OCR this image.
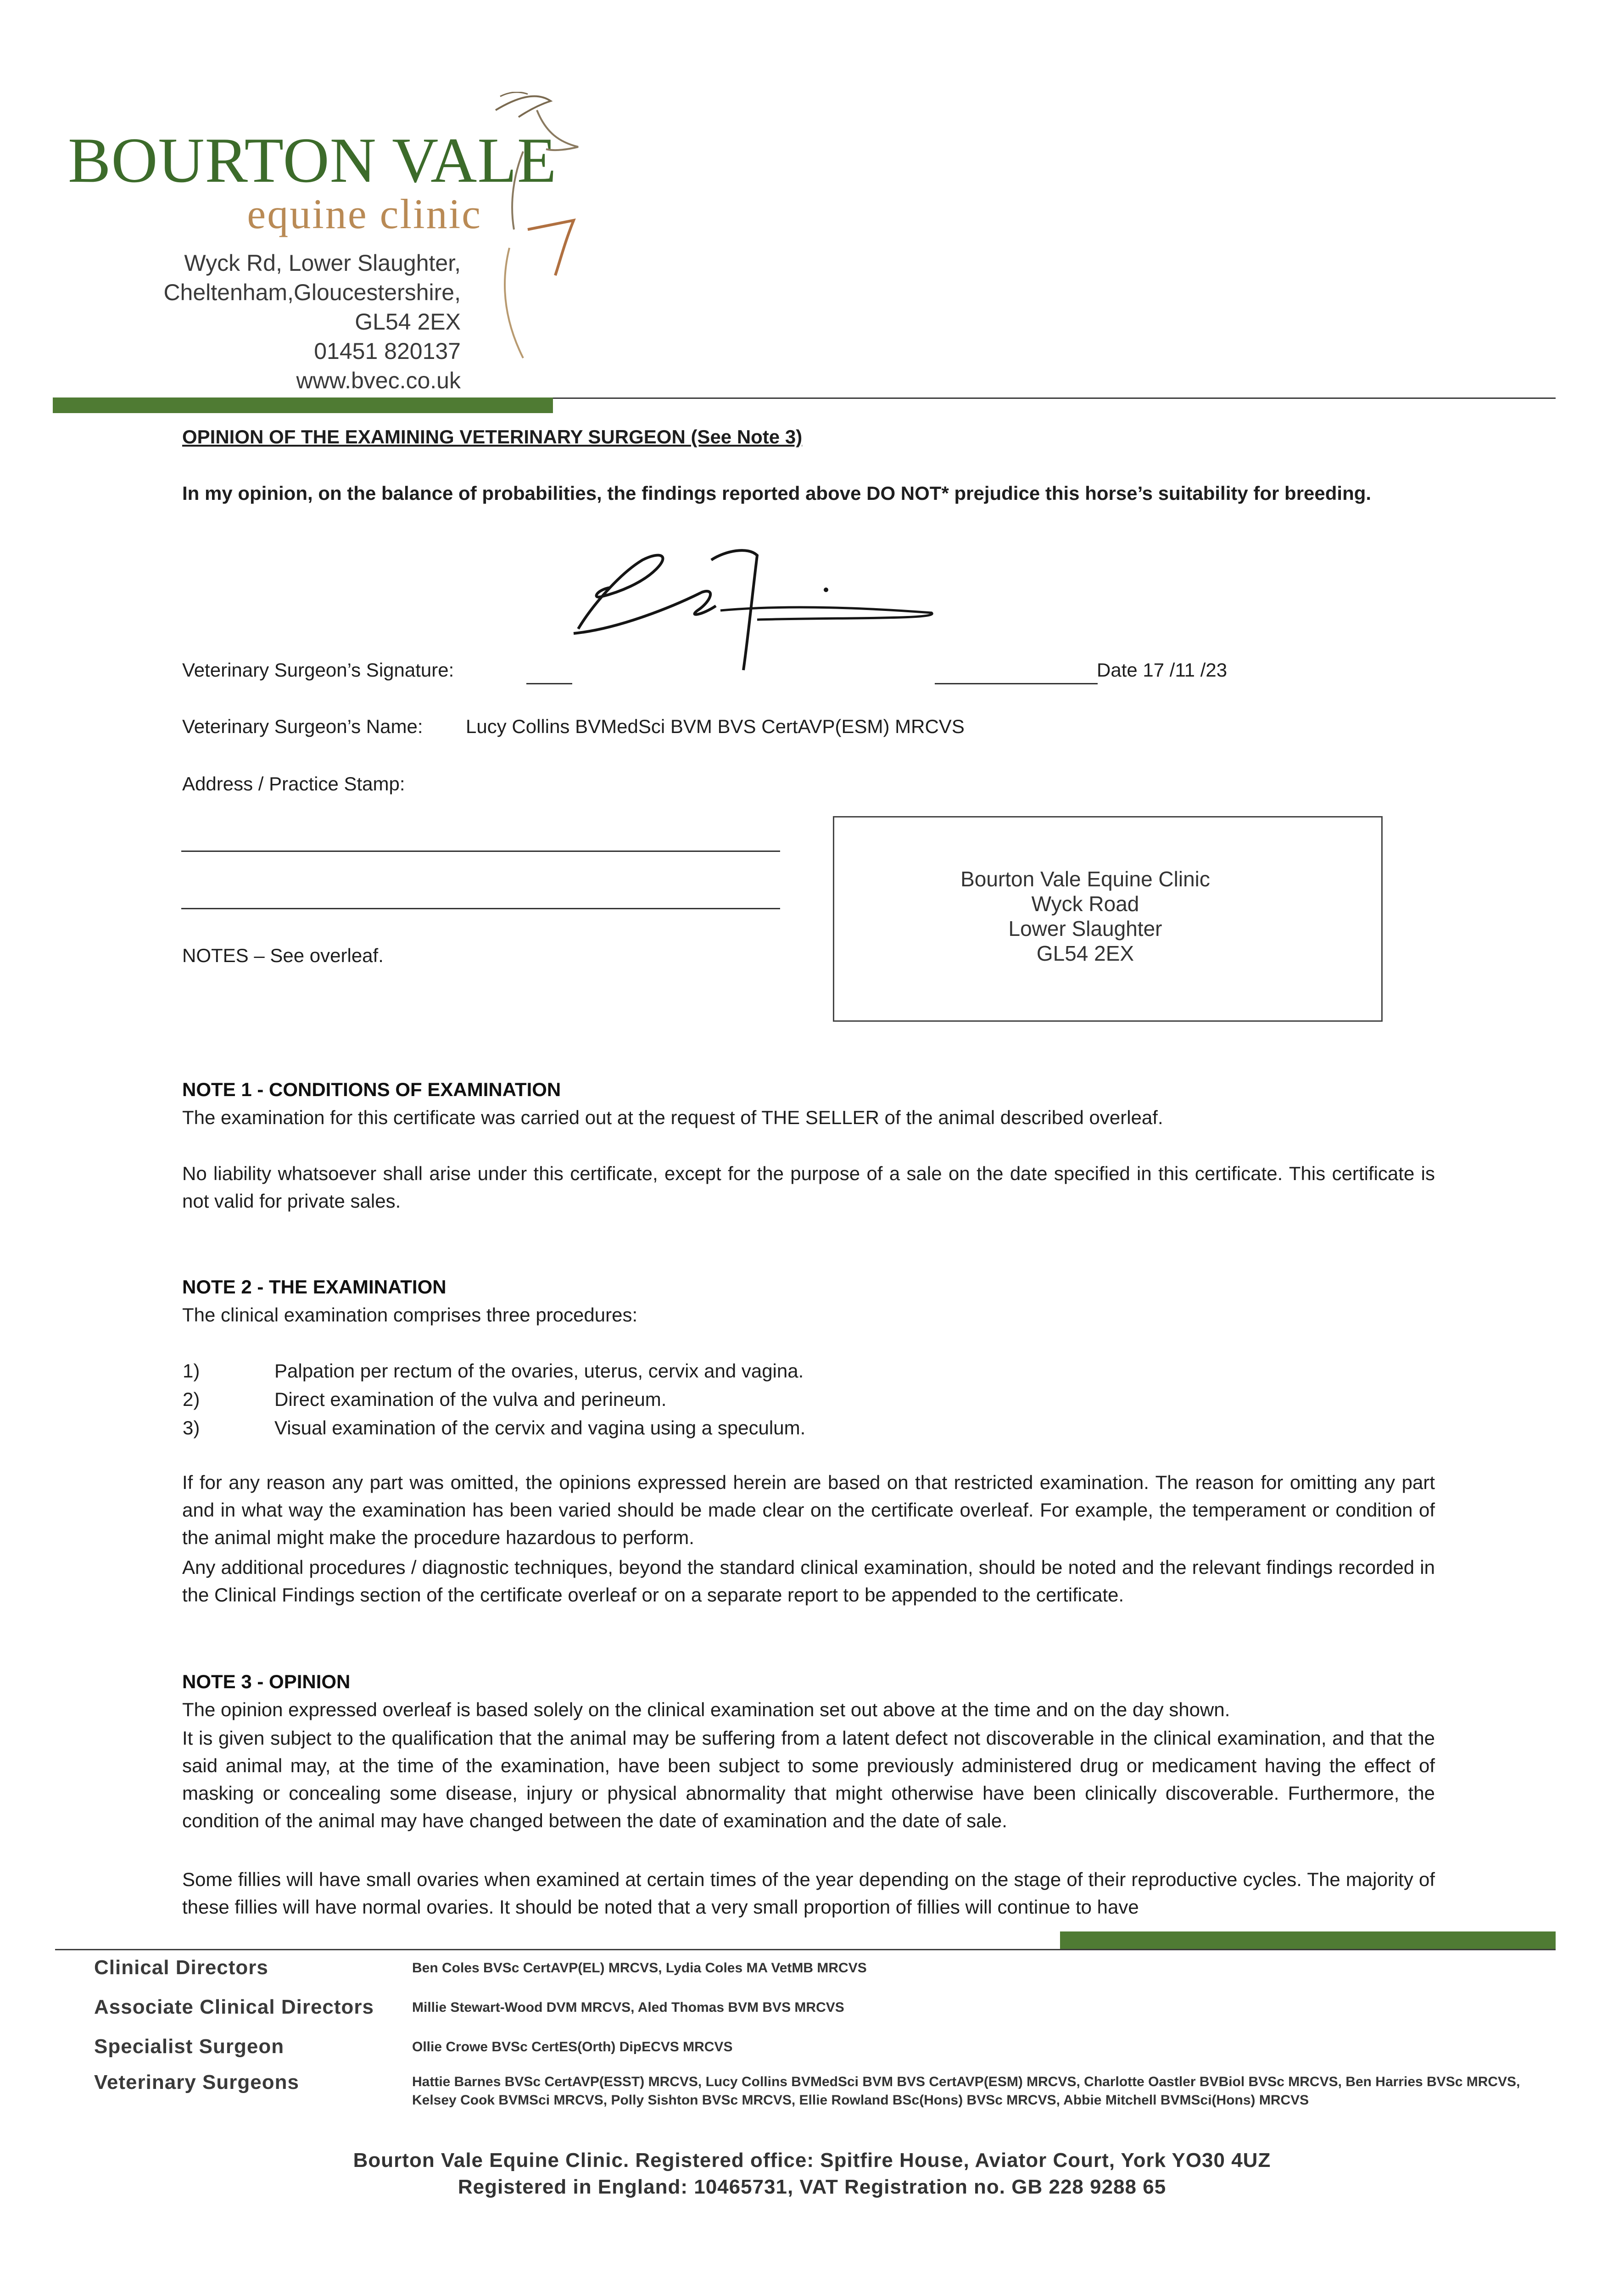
BOURTON VALE
equine clinic
Wyck Rd, Lower Slaughter,
Cheltenham,Gloucestershire,
GL54 2EX
01451 820137
www.bvec.co.uk
OPINION OF THE EXAMINING VETERINARY SURGEON (See Note 3)
In my opinion, on the balance of probabilities, the findings reported above DO NOT* prejudice this horse’s suitability for breeding.
Veterinary Surgeon’s Signature:	Date 17 /11 /23
Veterinary Surgeon’s Name: Lucy Collins BVMedSci BVM BVS CertAVP(ESM) MRCVS
Address / Practice Stamp:
NOTES – See overleaf.
Bourton Vale Equine Clinic
Wyck Road
Lower Slaughter
GL54 2EX
NOTE 1 - CONDITIONS OF EXAMINATION
The examination for this certificate was carried out at the request of THE SELLER of the animal described overleaf.
No liability whatsoever shall arise under this certificate, except for the purpose of a sale on the date specified in this certificate. This certificate is not valid for private sales.
NOTE 2 - THE EXAMINATION
The clinical examination comprises three procedures:
1)	Palpation per rectum of the ovaries, uterus, cervix and vagina.
2)	Direct examination of the vulva and perineum.
3)	Visual examination of the cervix and vagina using a speculum.
If for any reason any part was omitted, the opinions expressed herein are based on that restricted examination. The reason for omitting any part and in what way the examination has been varied should be made clear on the certificate overleaf. For example, the temperament or condition of the animal might make the procedure hazardous to perform.
Any additional procedures / diagnostic techniques, beyond the standard clinical examination, should be noted and the relevant findings recorded in the Clinical Findings section of the certificate overleaf or on a separate report to be appended to the certificate.
NOTE 3 - OPINION
The opinion expressed overleaf is based solely on the clinical examination set out above at the time and on the day shown.
It is given subject to the qualification that the animal may be suffering from a latent defect not discoverable in the clinical examination, and that the said animal may, at the time of the examination, have been subject to some previously administered drug or medicament having the effect of masking or concealing some disease, injury or physical abnormality that might otherwise have been clinically discoverable. Furthermore, the condition of the animal may have changed between the date of examination and the date of sale.
Some fillies will have small ovaries when examined at certain times of the year depending on the stage of their reproductive cycles. The majority of these fillies will have normal ovaries. It should be noted that a very small proportion of fillies will continue to have
Clinical Directors	Ben Coles BVSc CertAVP(EL) MRCVS, Lydia Coles MA VetMB MRCVS
Associate Clinical Directors	Millie Stewart-Wood DVM MRCVS, Aled Thomas BVM BVS MRCVS
Specialist Surgeon	Ollie Crowe BVSc CertES(Orth) DipECVS MRCVS
Veterinary Surgeons	Hattie Barnes BVSc CertAVP(ESST) MRCVS, Lucy Collins BVMedSci BVM BVS CertAVP(ESM) MRCVS, Charlotte Oastler BVBiol BVSc MRCVS, Ben Harries BVSc MRCVS, Kelsey Cook BVMSci MRCVS, Polly Sishton BVSc MRCVS, Ellie Rowland BSc(Hons) BVSc MRCVS, Abbie Mitchell BVMSci(Hons) MRCVS
Bourton Vale Equine Clinic. Registered office: Spitfire House, Aviator Court, York YO30 4UZ
Registered in England: 10465731, VAT Registration no. GB 228 9288 65
